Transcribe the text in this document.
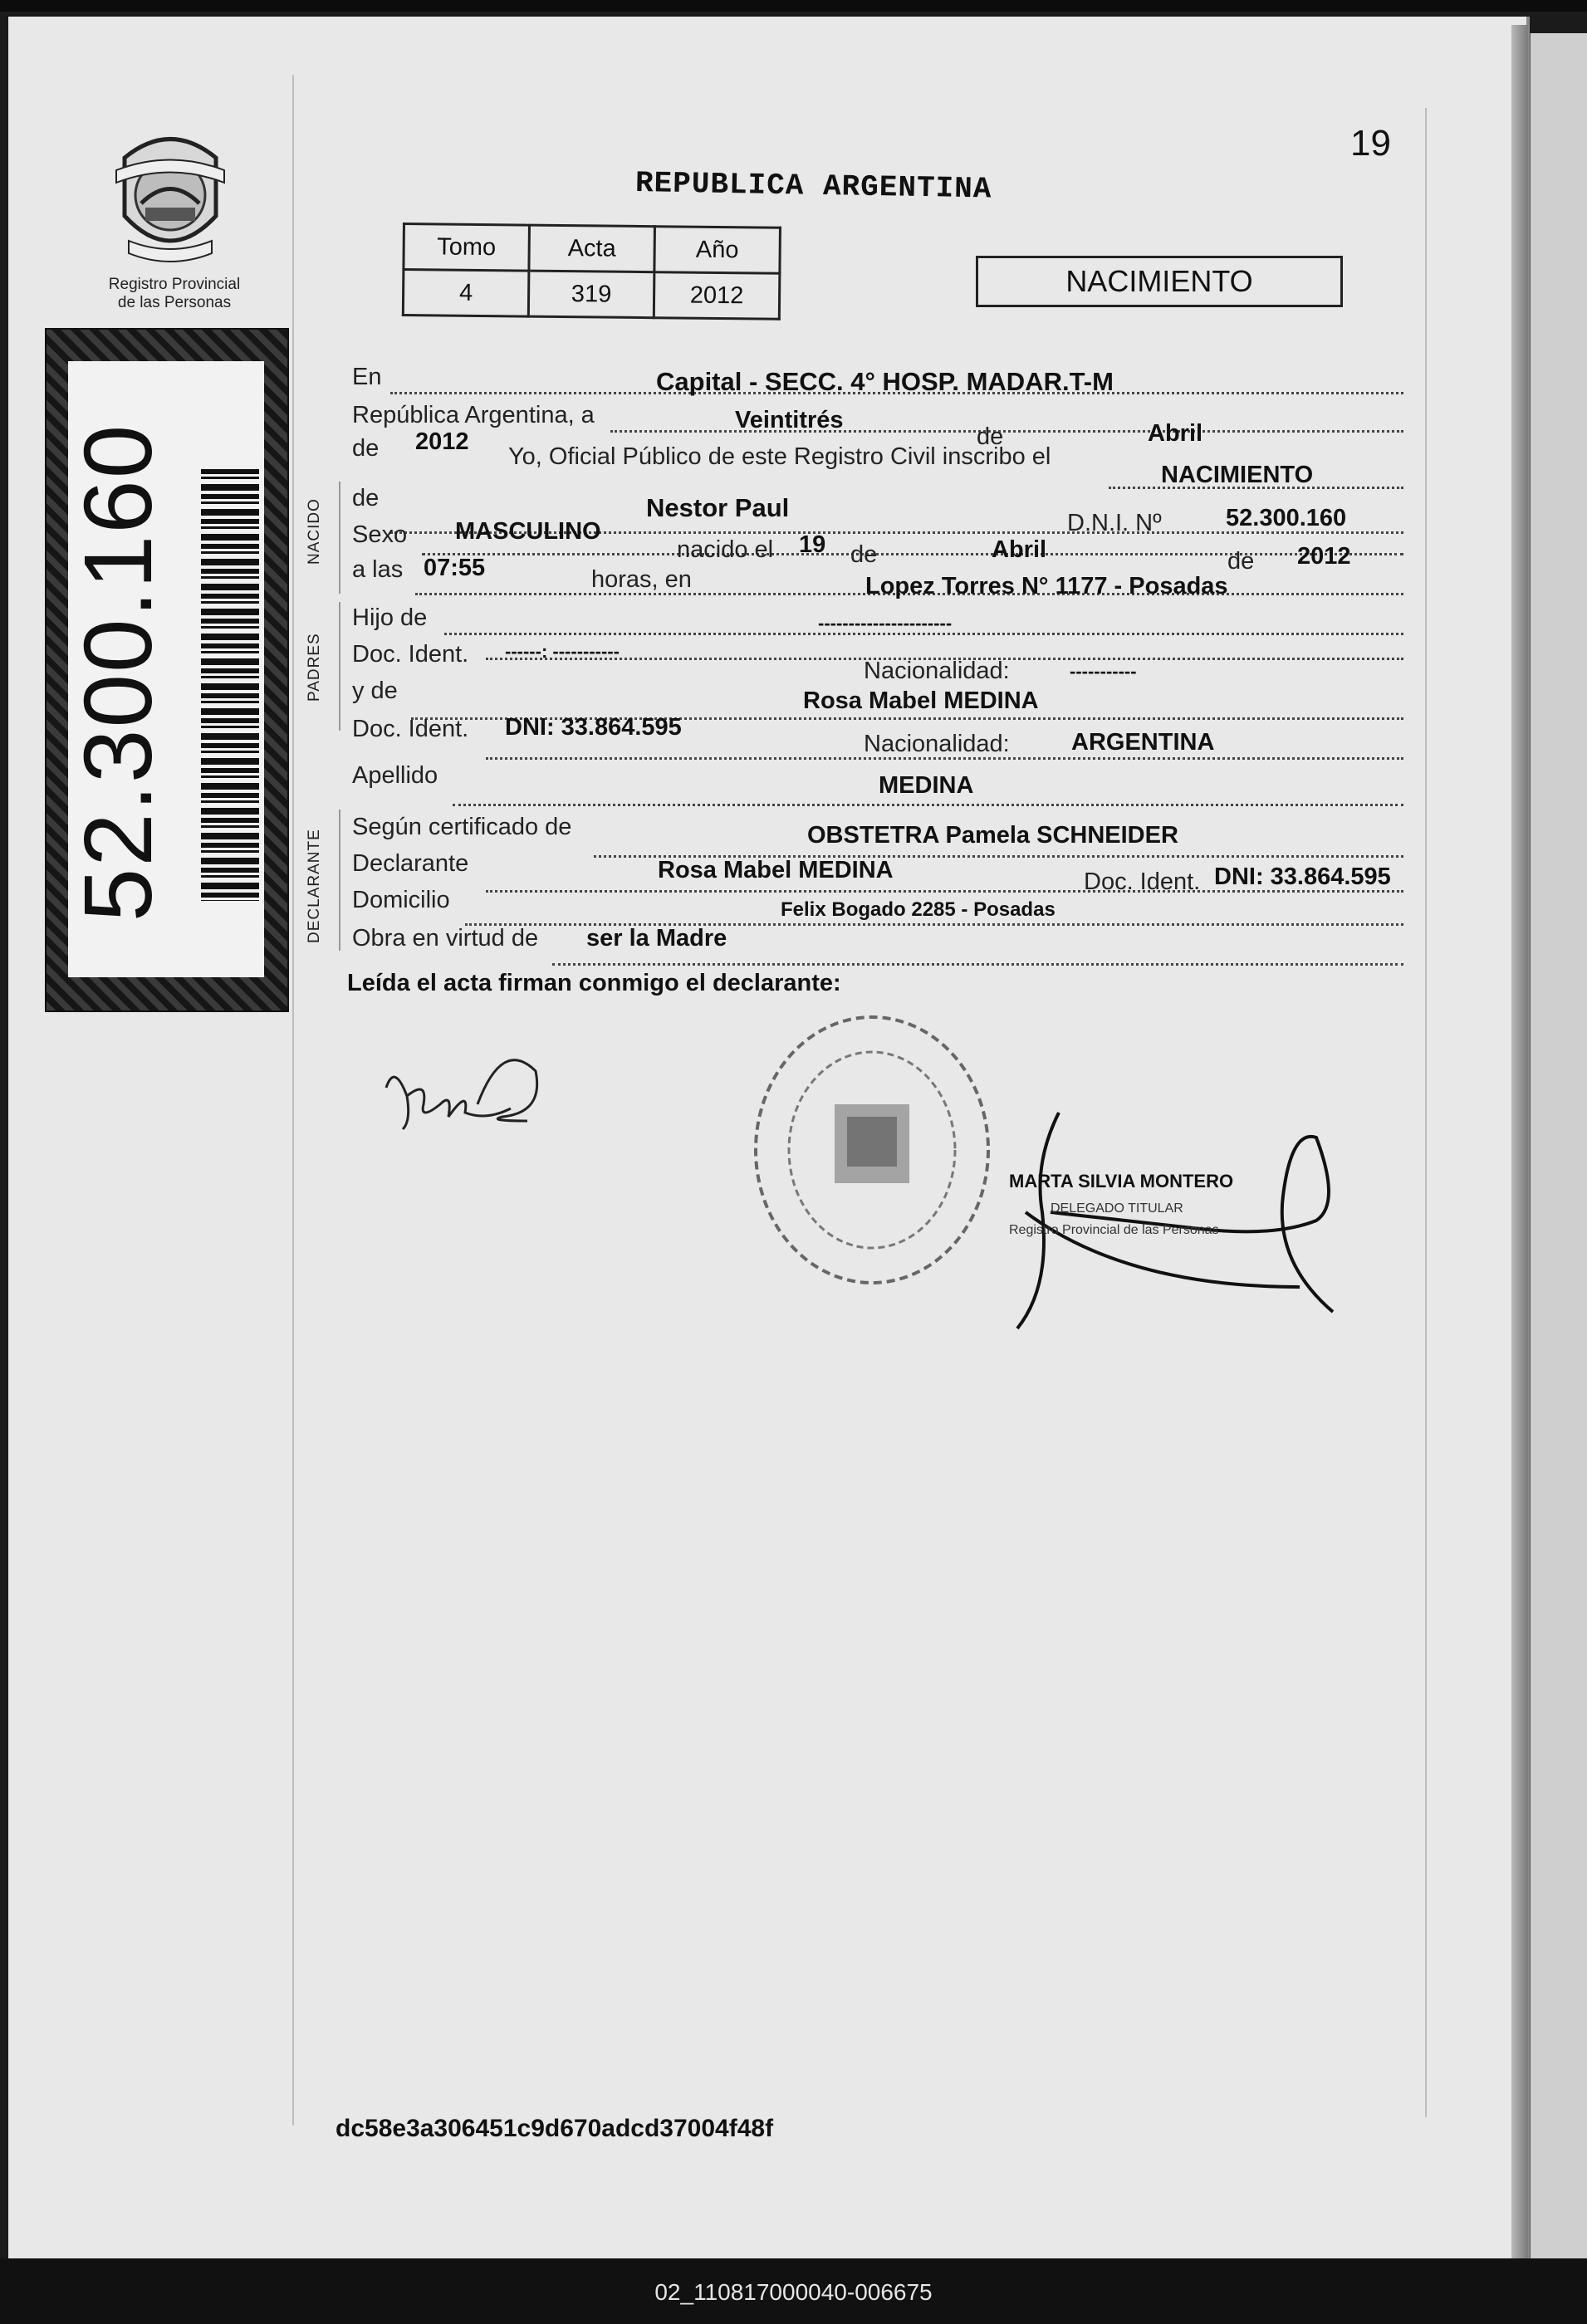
Registro Provincial
de las Personas
52.300.160
19
REPUBLICA ARGENTINA
Tomo	Acta	Año
4	319	2012	NACIMIENTO
NACIDO
PADRES
DECLARANTE
En	Capital - SECC. 4° HOSP. MADAR.T-M
República Argentina, a	Veintitrés
de	Abril
de 2012
Yo, Oficial Público de este Registro Civil inscribo el
NACIMIENTO
de	Nestor Paul
D.N.I. Nº	52.300.160
Sexo MASCULINO
nacido el 19 de	Abril	de 2012
a las 07:55	horas, en	Lopez Torres N° 1177 - Posadas
Hijo de	----------------------
Doc. Ident. ------: -----------
Nacionalidad:	-----------
y de	Rosa Mabel MEDINA
Doc. Ident. DNI: 33.864.595
Nacionalidad:	ARGENTINA
Apellido	MEDINA
Según certificado de	OBSTETRA Pamela SCHNEIDER
Declarante	Rosa Mabel MEDINA	Doc. Ident. DNI: 33.864.595
Domicilio	Felix Bogado 2285 - Posadas
Obra en virtud de ser la Madre
Leída el acta firman conmigo el declarante:
MARTA SILVIA MONTERO
DELEGADO TITULAR
Registro Provincial de las Personas
dc58e3a306451c9d670adcd37004f48f
02_110817000040-006675
